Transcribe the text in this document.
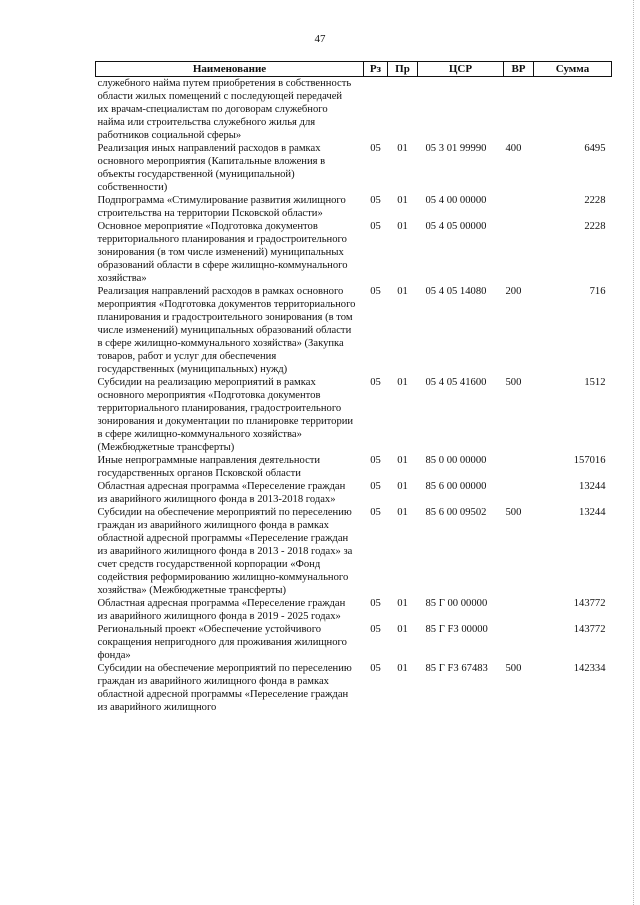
47
Наименование	Рз	Пр	ЦСР	ВР	Сумма
служебного найма путем приобретения в собственность области жилых помещений с последующей передачей их врачам-специалистам по договорам служебного найма или строительства служебного жилья для работников социальной сферы»					
Реализация иных направлений расходов в рамках основного мероприятия (Капитальные вложения в объекты государственной (муниципальной) собственности)	05	01	05 3 01 99990	400	6495
Подпрограмма «Стимулирование развития жилищного строительства на территории Псковской области»	05	01	05 4 00 00000		2228
Основное мероприятие «Подготовка документов территориального планирования и градостроительного зонирования (в том числе изменений) муниципальных образований области в сфере жилищно-коммунального хозяйства»	05	01	05 4 05 00000		2228
Реализация направлений расходов в рамках основного мероприятия «Подготовка документов территориального планирования и градостроительного зонирования (в том числе изменений) муниципальных образований области в сфере жилищно-коммунального хозяйства» (Закупка товаров, работ и услуг для обеспечения государственных (муниципальных) нужд)	05	01	05 4 05 14080	200	716
Субсидии на реализацию мероприятий в рамках основного мероприятия «Подготовка документов территориального планирования, градостроительного зонирования и документации по планировке территории в сфере жилищно-коммунального хозяйства» (Межбюджетные трансферты)	05	01	05 4 05 41600	500	1512
Иные непрограммные направления деятельности государственных органов Псковской области	05	01	85 0 00 00000		157016
Областная адресная программа «Переселение граждан из аварийного жилищного фонда в 2013-2018 годах»	05	01	85 6 00 00000		13244
Субсидии на обеспечение мероприятий по переселению граждан из аварийного жилищного фонда в рамках областной адресной программы «Переселение граждан из аварийного жилищного фонда в 2013 - 2018 годах» за счет средств государственной корпорации «Фонд содействия реформированию жилищно-коммунального хозяйства» (Межбюджетные трансферты)	05	01	85 6 00 09502	500	13244
Областная адресная программа «Переселение граждан из аварийного жилищного фонда в 2019 - 2025 годах»	05	01	85 Г 00 00000		143772
Региональный проект «Обеспечение устойчивого сокращения непригодного для проживания жилищного фонда»	05	01	85 Г F3 00000		143772
Субсидии на обеспечение мероприятий по переселению граждан из аварийного жилищного фонда в рамках областной адресной программы «Переселение граждан из аварийного жилищного	05	01	85 Г F3 67483	500	142334
